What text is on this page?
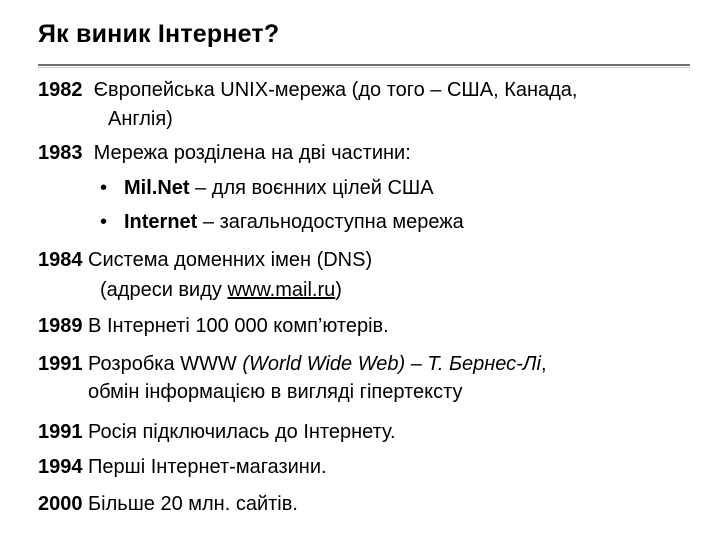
Як виник Інтернет?
1982 Європейська UNIX-мережа (до того – США, Канада,
Англія)
1983 Мережа розділена на дві частини:
• Mil.Net – для воєнних цілей США
• Internet – загальнодоступна мережа
1984 Система доменних імен (DNS)
(адреси виду www.mail.ru)
1989 В Інтернеті 100 000 комп’ютерів.
1991 Розробка WWW (World Wide Web) – Т. Бернес-Лі,
обмін інформацією в вигляді гіпертексту
1991 Росія підключилась до Інтернету.
1994 Перші Інтернет-магазини.
2000 Більше 20 млн. сайтів.
